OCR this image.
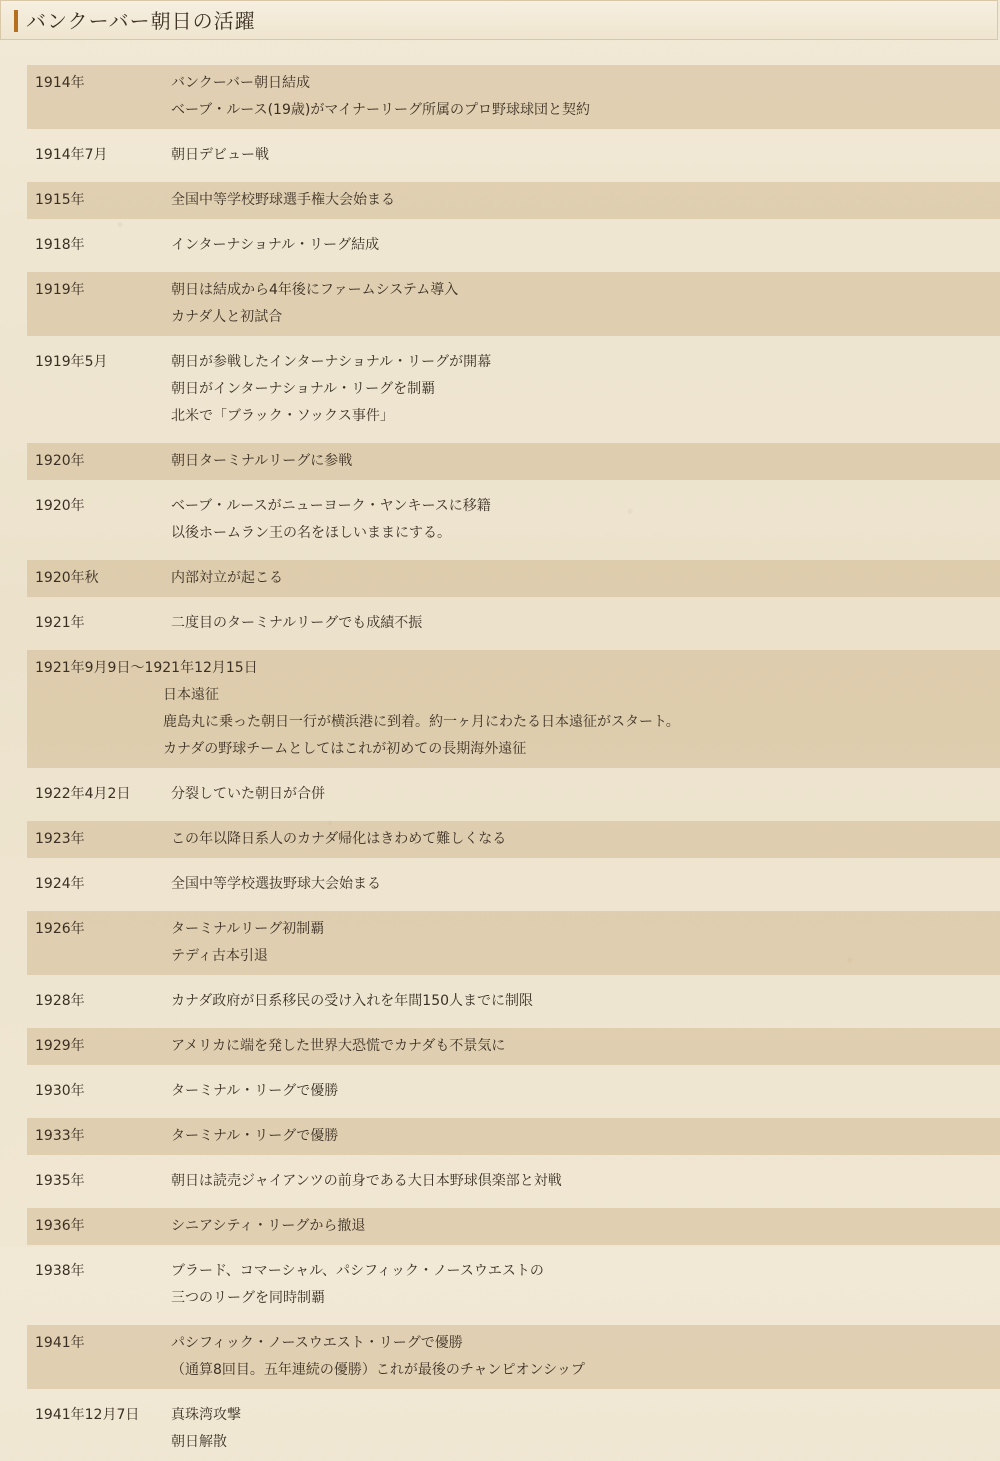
バンクーバー朝日の活躍
1914年	バンクーバー朝日結成
ベーブ・ルース(19歳)がマイナーリーグ所属のプロ野球球団と契約
1914年7月	朝日デビュー戦
1915年	全国中等学校野球選手権大会始まる
1918年	インターナショナル・リーグ結成
1919年	朝日は結成から4年後にファームシステム導入
カナダ人と初試合
1919年5月	朝日が参戦したインターナショナル・リーグが開幕
朝日がインターナショナル・リーグを制覇
北米で「ブラック・ソックス事件」
1920年	朝日ターミナルリーグに参戦
1920年	ベーブ・ルースがニューヨーク・ヤンキースに移籍
以後ホームラン王の名をほしいままにする。
1920年秋	内部対立が起こる
1921年	二度目のターミナルリーグでも成績不振
1921年9月9日～1921年12月15日
日本遠征
鹿島丸に乗った朝日一行が横浜港に到着。約一ヶ月にわたる日本遠征がスタート。
カナダの野球チームとしてはこれが初めての長期海外遠征
1922年4月2日	分裂していた朝日が合併
1923年	この年以降日系人のカナダ帰化はきわめて難しくなる
1924年	全国中等学校選抜野球大会始まる
1926年	ターミナルリーグ初制覇
テディ古本引退
1928年	カナダ政府が日系移民の受け入れを年間150人までに制限
1929年	アメリカに端を発した世界大恐慌でカナダも不景気に
1930年	ターミナル・リーグで優勝
1933年	ターミナル・リーグで優勝
1935年	朝日は読売ジャイアンツの前身である大日本野球倶楽部と対戦
1936年	シニアシティ・リーグから撤退
1938年	ブラード、コマーシャル、パシフィック・ノースウエストの
三つのリーグを同時制覇
1941年	パシフィック・ノースウエスト・リーグで優勝
（通算8回目。五年連続の優勝）これが最後のチャンピオンシップ
1941年12月7日	真珠湾攻撃
朝日解散
